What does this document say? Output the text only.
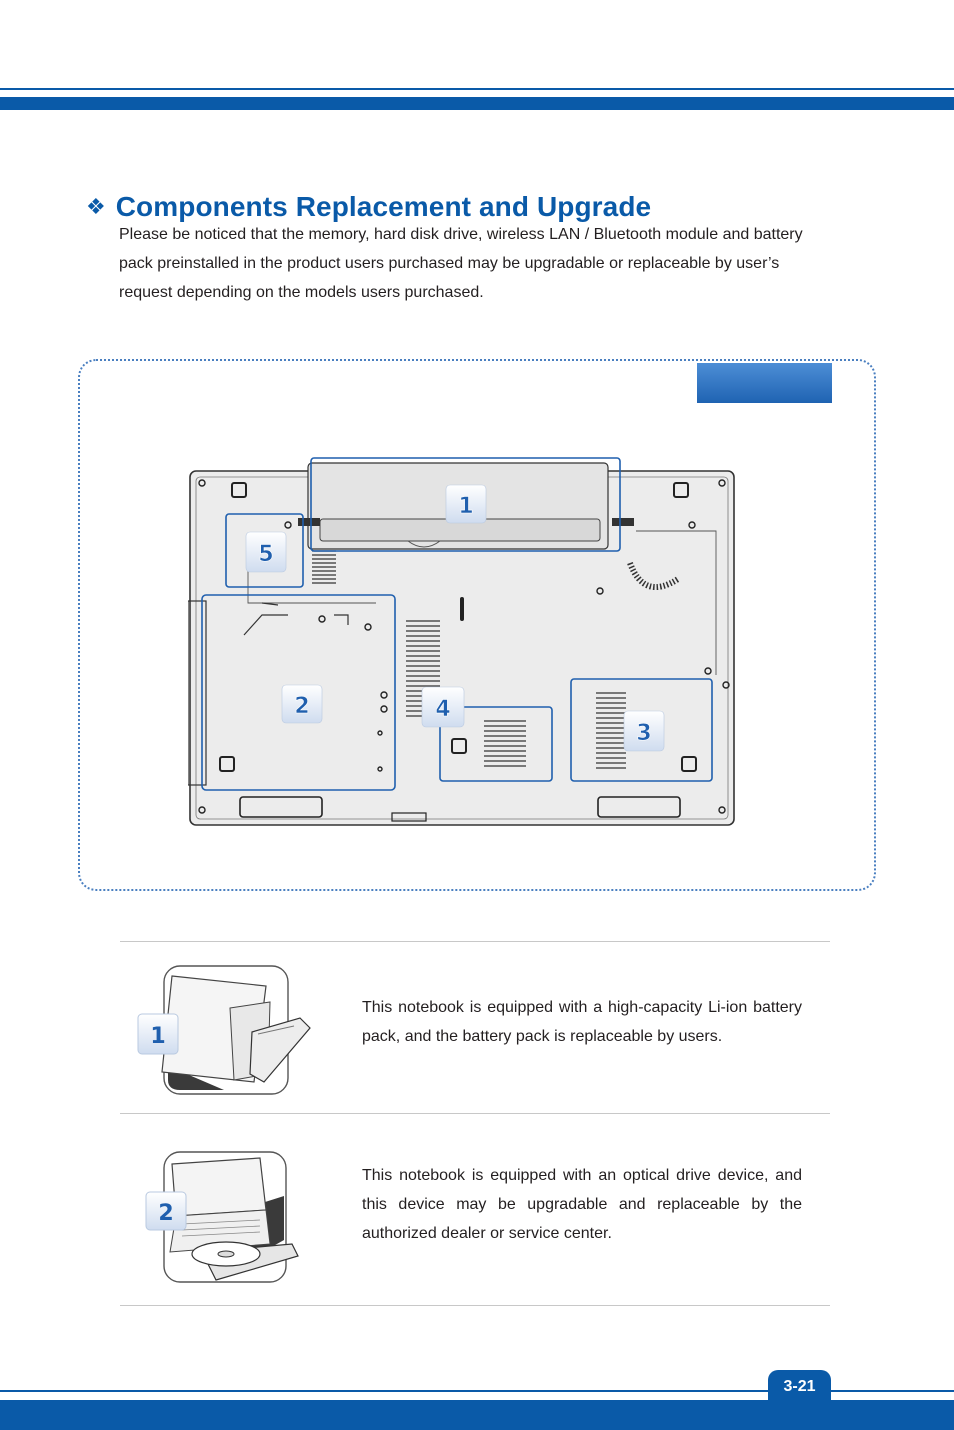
❖ Components Replacement and Upgrade

Please be noticed that the memory, hard disk drive, wireless LAN / Bluetooth module and battery
pack preinstalled in the product users purchased may be upgradable or replaceable by user’s
request depending on the models users purchased.

1
5
2	4
3
1

This notebook is equipped with a high-capacity Li-ion battery pack, and the battery pack is replaceable by users.

2

This notebook is equipped with an optical drive device, and this device may be upgradable and replaceable by the authorized dealer or service center.

3-21
